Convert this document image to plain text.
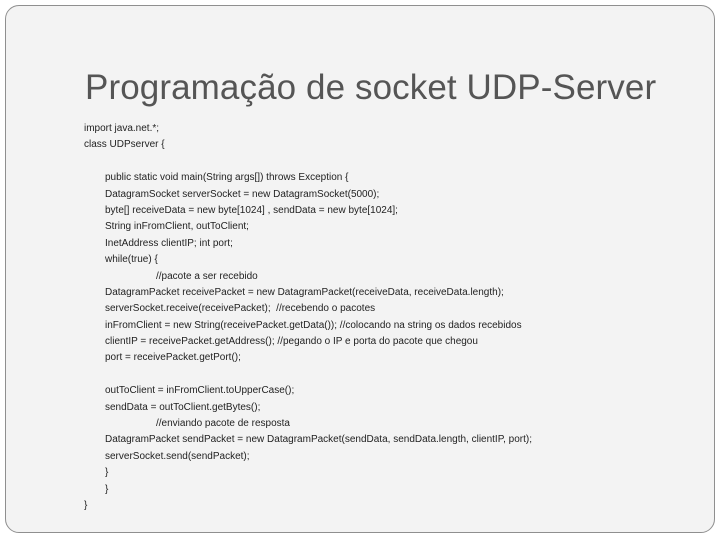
Programação de socket UDP-Server
import java.net.*;
class UDPserver {
public static void main(String args[]) throws Exception {
DatagramSocket serverSocket = new DatagramSocket(5000);
byte[] receiveData = new byte[1024] , sendData = new byte[1024];
String inFromClient, outToClient;
InetAddress clientIP; int port;
while(true) {
//pacote a ser recebido
DatagramPacket receivePacket = new DatagramPacket(receiveData, receiveData.length);
serverSocket.receive(receivePacket);  //recebendo o pacotes
inFromClient = new String(receivePacket.getData()); //colocando na string os dados recebidos
clientIP = receivePacket.getAddress(); //pegando o IP e porta do pacote que chegou
port = receivePacket.getPort();
outToClient = inFromClient.toUpperCase();
sendData = outToClient.getBytes();
//enviando pacote de resposta
DatagramPacket sendPacket = new DatagramPacket(sendData, sendData.length, clientIP, port);
serverSocket.send(sendPacket);
}
}
}
